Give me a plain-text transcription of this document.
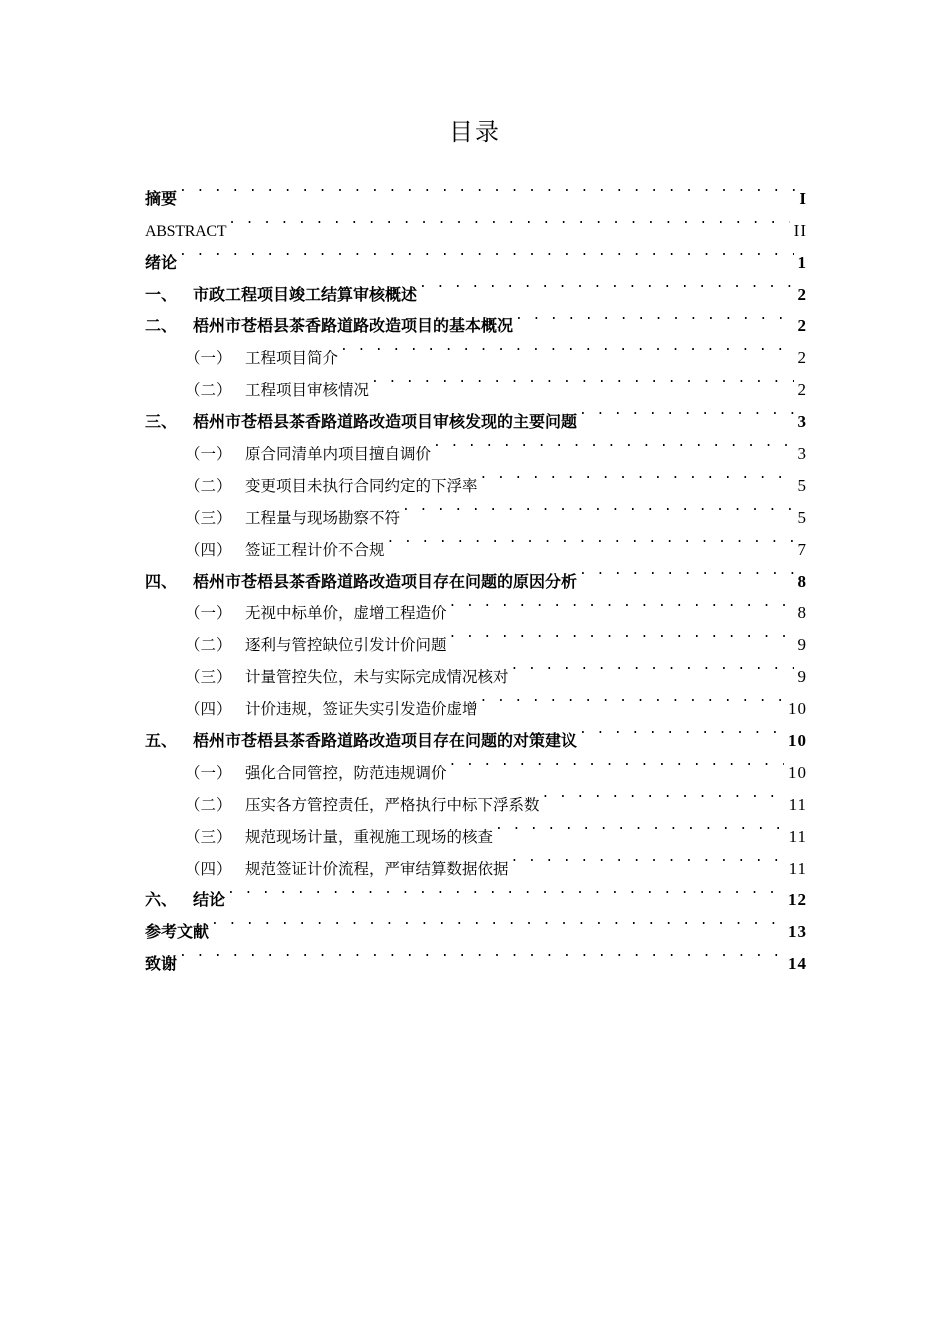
目录
摘要 . . .	I
ABSTRACT . . .	II
绪论 . . .	1
一、 市政工程项目竣工结算审核概述 . . .	2
二、 梧州市苍梧县茶香路道路改造项目的基本概况 . . .	2
（一） 工程项目简介 . . .	2
（二） 工程项目审核情况 . . .	2
三、 梧州市苍梧县茶香路道路改造项目审核发现的主要问题 . . .	3
（一） 原合同清单内项目擅自调价 . . .	3
（二） 变更项目未执行合同约定的下浮率 . . .	5
（三） 工程量与现场勘察不符 . . .	5
（四） 签证工程计价不合规 . . .	7
四、 梧州市苍梧县茶香路道路改造项目存在问题的原因分析 . . .	8
（一） 无视中标单价，虚增工程造价 . . .	8
（二） 逐利与管控缺位引发计价问题 . . .	9
（三） 计量管控失位，未与实际完成情况核对 . . .	9
（四） 计价违规，签证失实引发造价虚增 . . .	10
五、 梧州市苍梧县茶香路道路改造项目存在问题的对策建议 . . .	10
（一） 强化合同管控，防范违规调价 . . .	10
（二） 压实各方管控责任，严格执行中标下浮系数 . . .	11
（三） 规范现场计量，重视施工现场的核查 . . .	11
（四） 规范签证计价流程，严审结算数据依据 . . .	11
六、 结论 . . .	12
参考文献 . . .	13
致谢 . . .	14
